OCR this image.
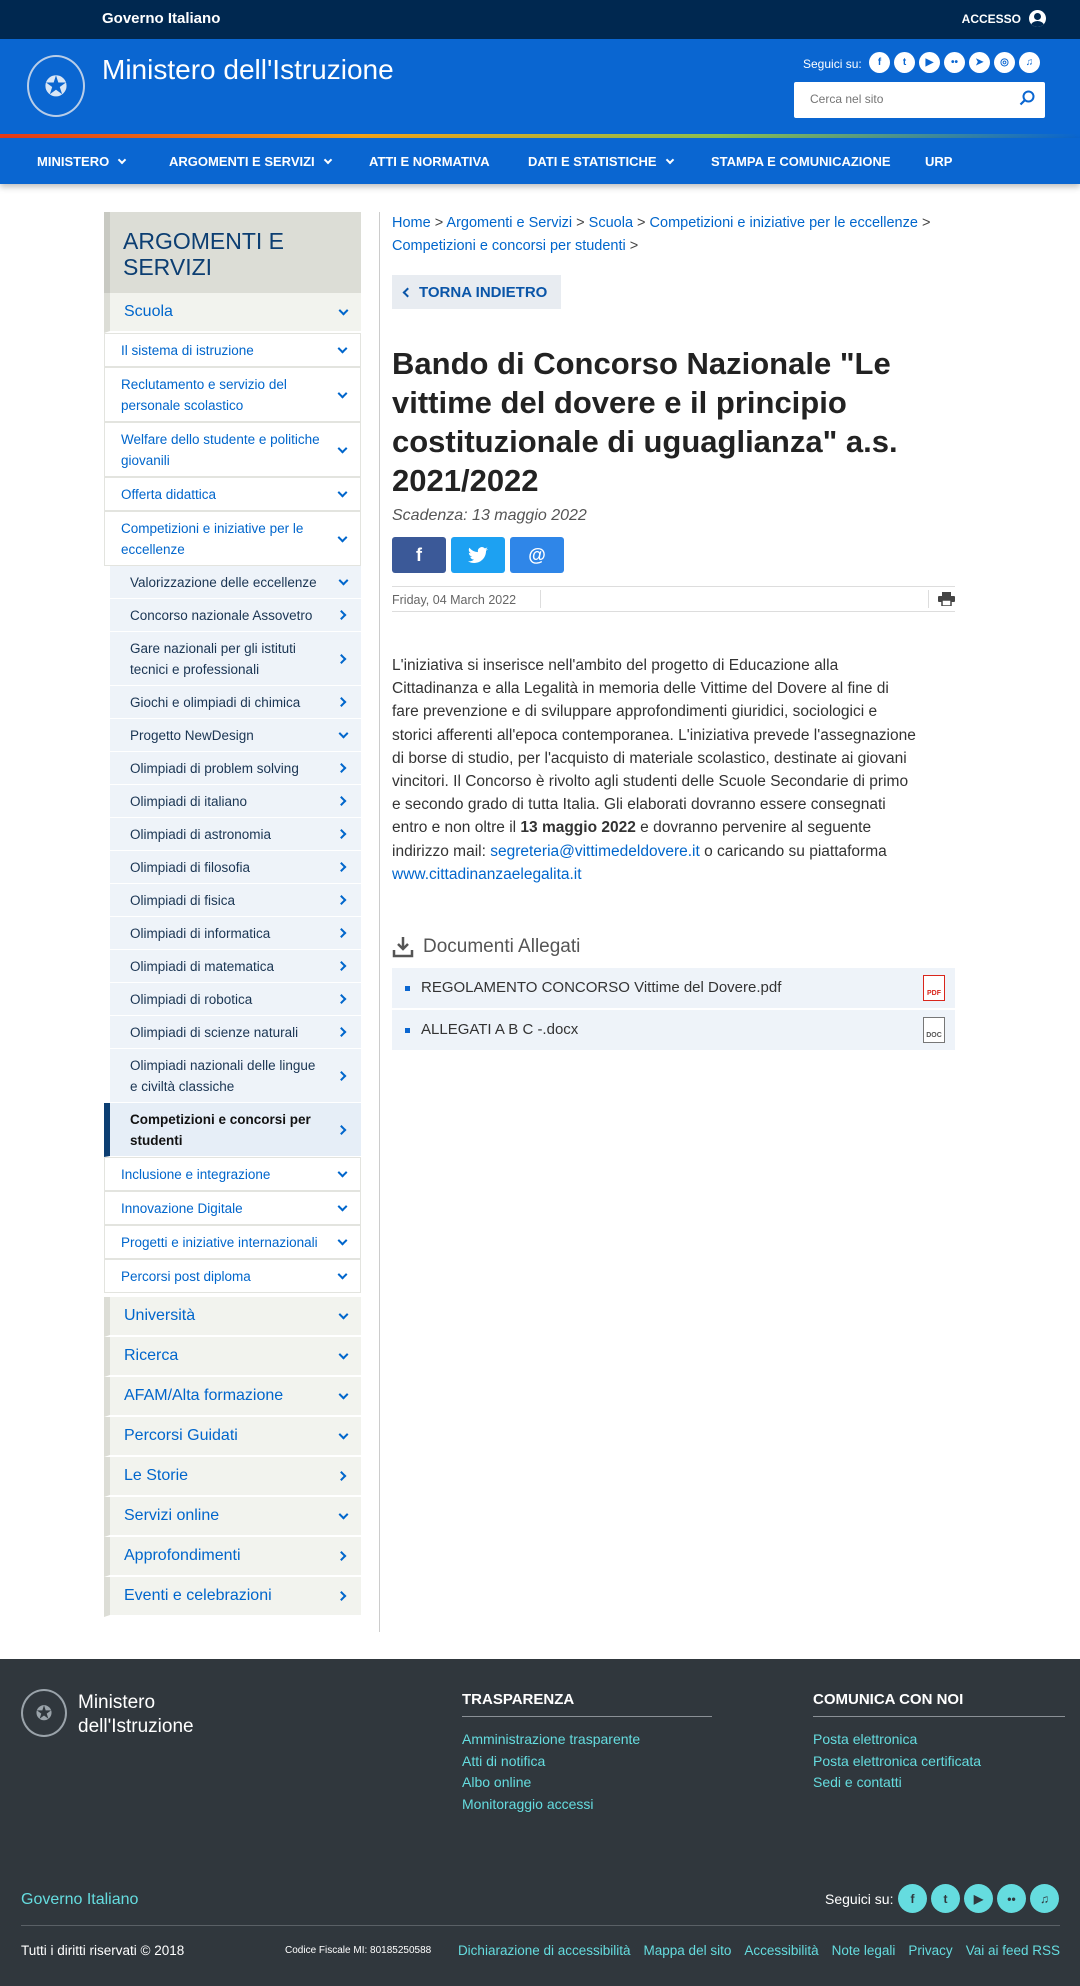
Governo Italiano	ACCESSO
✪
Ministero dell'Istruzione	Seguici su:	f	t	▶	••	➤	◎	♫
Cerca nel sito
MINISTERO	ARGOMENTI E SERVIZI	ATTI E NORMATIVA	DATI E STATISTICHE	STAMPA E COMUNICAZIONE	URP
ARGOMENTI E SERVIZI
Scuola
Il sistema di istruzione
Reclutamento e servizio del personale scolastico
Welfare dello studente e politiche giovanili
Offerta didattica
Competizioni e iniziative per le eccellenze
Valorizzazione delle eccellenze
Concorso nazionale Assovetro
Gare nazionali per gli istituti tecnici e professionali
Giochi e olimpiadi di chimica
Progetto NewDesign
Olimpiadi di problem solving
Olimpiadi di italiano
Olimpiadi di astronomia
Olimpiadi di filosofia
Olimpiadi di fisica
Olimpiadi di informatica
Olimpiadi di matematica
Olimpiadi di robotica
Olimpiadi di scienze naturali
Olimpiadi nazionali delle lingue e civiltà classiche
Competizioni e concorsi per studenti
Inclusione e integrazione
Innovazione Digitale
Progetti e iniziative internazionali
Percorsi post diploma
Università
Ricerca
AFAM/Alta formazione
Percorsi Guidati
Le Storie
Servizi online
Approfondimenti
Eventi e celebrazioni
Home > Argomenti e Servizi > Scuola > Competizioni e iniziative per le eccellenze > Competizioni e concorsi per studenti >
TORNA INDIETRO
Bando di Concorso Nazionale "Le vittime del dovere e il principio costituzionale di uguaglianza" a.s. 2021/2022
Scadenza: 13 maggio 2022
f	@
Friday, 04 March 2022

L'iniziativa si inserisce nell'ambito del progetto di Educazione alla Cittadinanza e alla Legalità in memoria delle Vittime del Dovere al fine di fare prevenzione e di sviluppare approfondimenti giuridici, sociologici e storici afferenti all'epoca contemporanea. L'iniziativa prevede l'assegnazione di borse di studio, per l'acquisto di materiale scolastico, destinate ai giovani vincitori. Il Concorso è rivolto agli studenti delle Scuole Secondarie di primo e secondo grado di tutta Italia. Gli elaborati dovranno essere consegnati entro e non oltre il 13 maggio 2022 e dovranno pervenire al seguente indirizzo mail: segreteria@vittimedeldovere.it o caricando su piattaforma www.cittadinanzaelegalita.it

Documenti Allegati
REGOLAMENTO CONCORSO Vittime del Dovere.pdf	PDF
ALLEGATI A B C -.docx	DOC
✪	Ministero
dell'Istruzione
TRASPARENZA
Amministrazione trasparente
Atti di notifica
Albo online
Monitoraggio accessi
COMUNICA CON NOI
Posta elettronica
Posta elettronica certificata
Sedi e contatti
Governo Italiano	Seguici su:	f	t	▶	••	♫
Tutti i diritti riservati © 2018	Codice Fiscale MI: 80185250588 Dichiarazione di accessibilità Mappa del sito Accessibilità Note legali Privacy Vai ai feed RSS
